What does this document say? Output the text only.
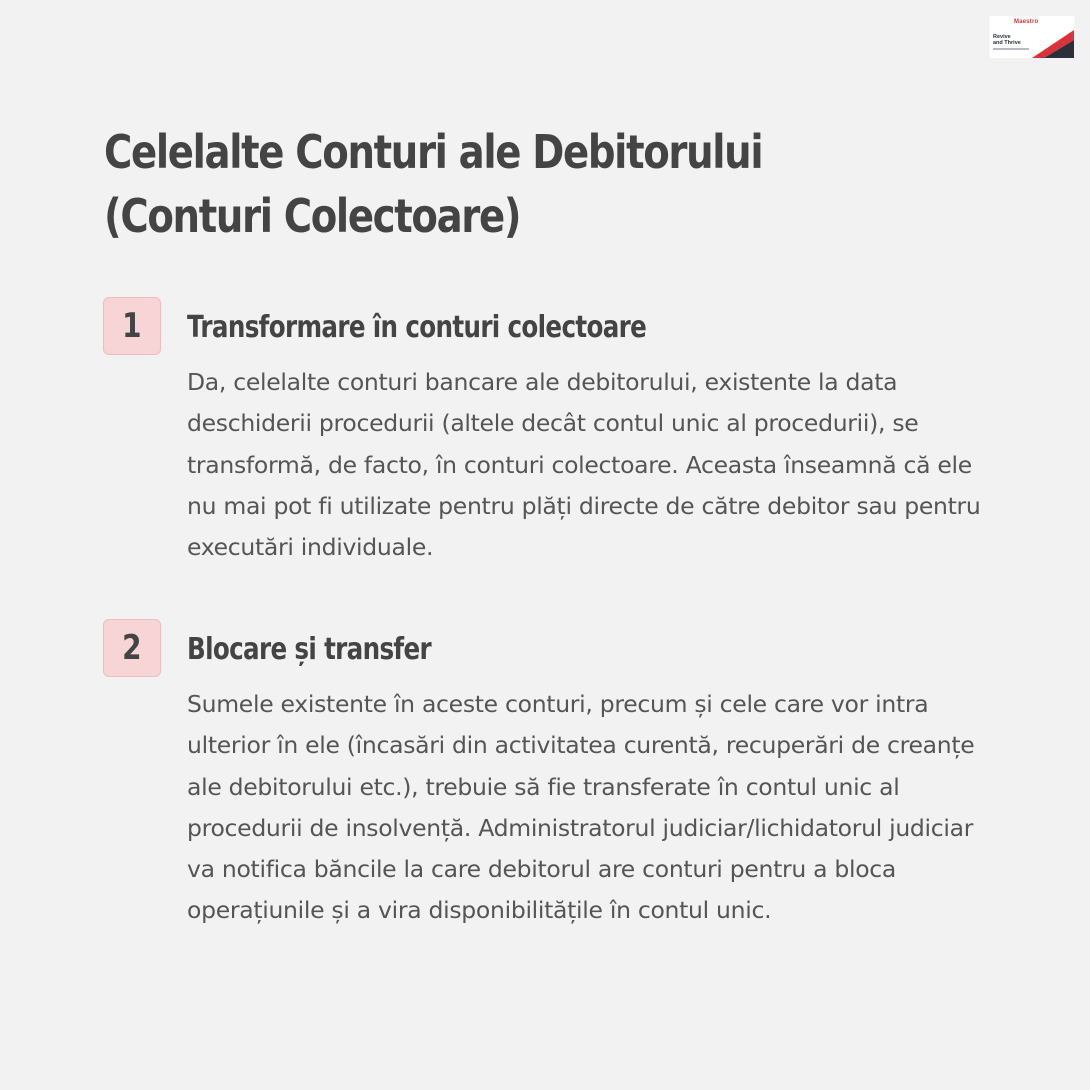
Maestro
Revive
and Thrive
Celelalte Conturi ale Debitorului (Conturi Colectoare)
1 Transformare în conturi colectoare

Da, celelalte conturi bancare ale debitorului, existente la data deschiderii procedurii (altele decât contul unic al procedurii), se transformă, de facto, în conturi colectoare. Aceasta înseamnă că ele nu mai pot fi utilizate pentru plăți directe de către debitor sau pentru executări individuale.

2 Blocare și transfer

Sumele existente în aceste conturi, precum și cele care vor intra ulterior în ele (încasări din activitatea curentă, recuperări de creanțe ale debitorului etc.), trebuie să fie transferate în contul unic al procedurii de insolvență. Administratorul judiciar/lichidatorul judiciar va notifica băncile la care debitorul are conturi pentru a bloca operațiunile și a vira disponibilitățile în contul unic.
